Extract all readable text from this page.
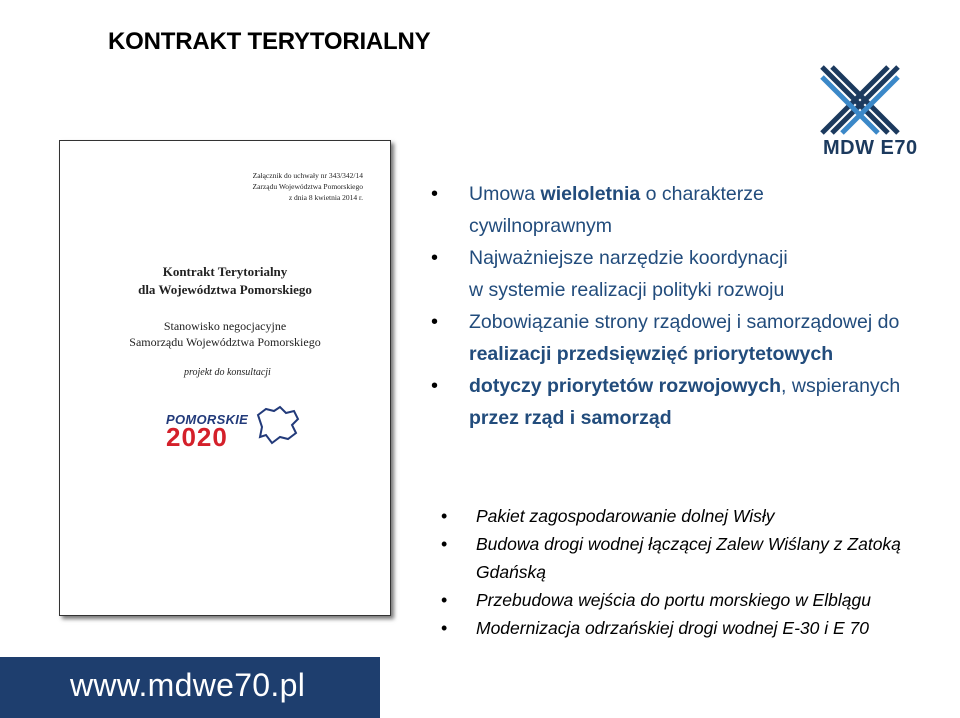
KONTRAKT TERYTORIALNY
MDW E70
Załącznik do uchwały nr 343/342/14
Zarządu Województwa Pomorskiego
z dnia 8 kwietnia 2014 r.
Kontrakt Terytorialny
dla Województwa Pomorskiego
Stanowisko negocjacyjne
Samorządu Województwa Pomorskiego
projekt do konsultacji
POMORSKIE
2020
• Umowa wieloletnia o charakterze
cywilnoprawnym
• Najważniejsze narzędzie koordynacji
w systemie realizacji polityki rozwoju
• Zobowiązanie strony rządowej i samorządowej do realizacji przedsięwzięć priorytetowych
• dotyczy priorytetów rozwojowych, wspieranych przez rząd i samorząd
• Pakiet zagospodarowanie dolnej Wisły
• Budowa drogi wodnej łączącej Zalew Wiślany z Zatoką Gdańską
• Przebudowa wejścia do portu morskiego w Elblągu
• Modernizacja odrzańskiej drogi wodnej E-30 i E 70
www.mdwe70.pl
